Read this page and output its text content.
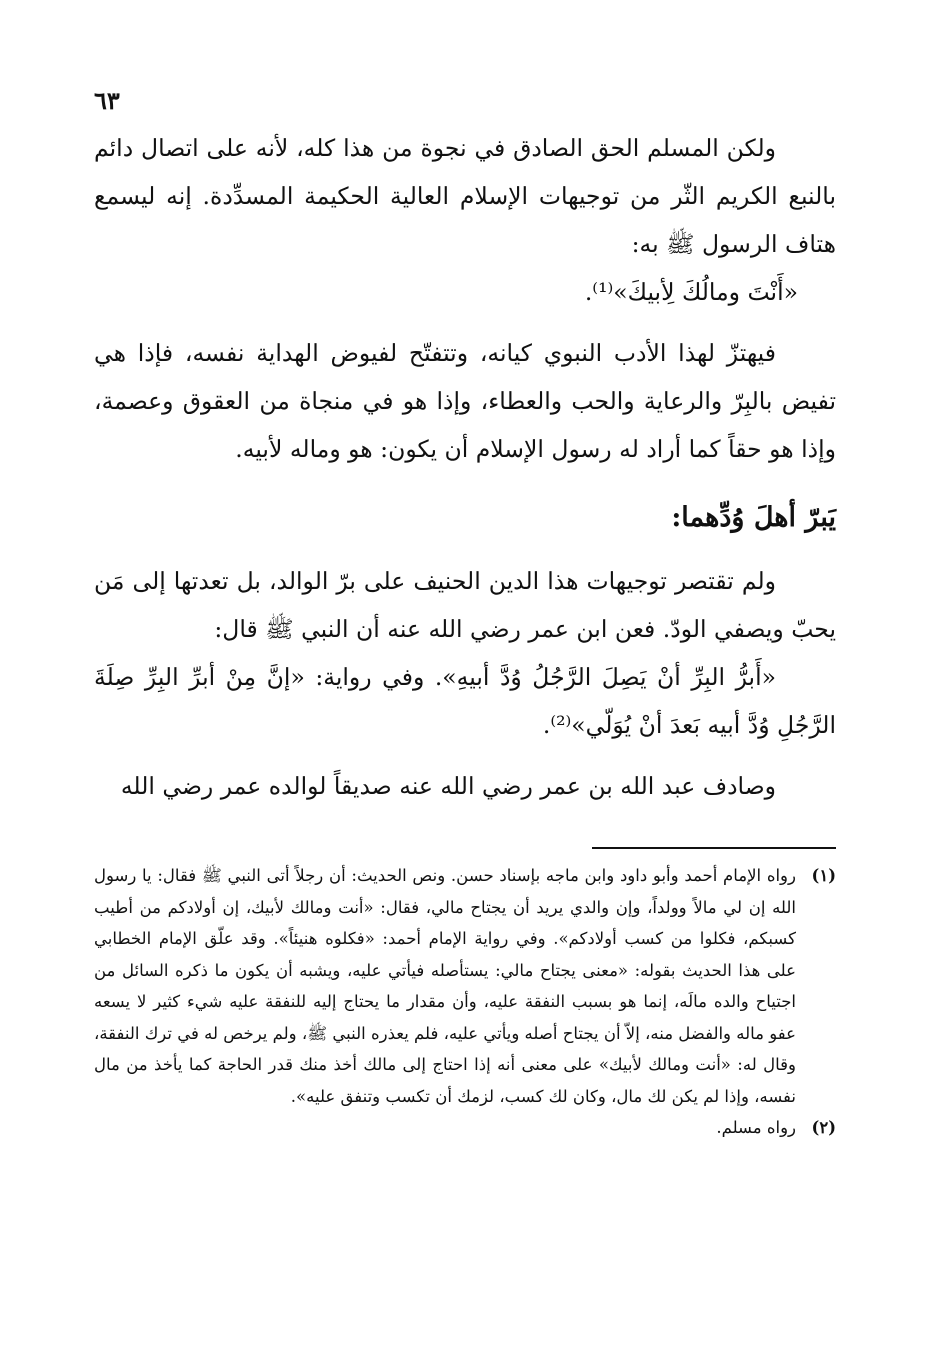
٦٣

ولكن المسلم الحق الصادق في نجوة من هذا كله، لأنه على اتصال دائم بالنبع الكريم الثّر من توجيهات الإسلام العالية الحكيمة المسدِّدة. إنه ليسمع هتاف الرسول ﷺ به:

«أَنْتَ ومالُكَ لِأبيكَ»⁽¹⁾.

فيهتزّ لهذا الأدب النبوي كيانه، وتتفتّح لفيوض الهداية نفسه، فإذا هي تفيض بالبِرّ والرعاية والحب والعطاء، وإذا هو في منجاة من العقوق وعصمة، وإذا هو حقاً كما أراد له رسول الإسلام أن يكون: هو وماله لأبيه.

يَبرّ أهلَ وُدِّهما:

ولم تقتصر توجيهات هذا الدين الحنيف على برّ الوالد، بل تعدتها إلى مَن يحبّ ويصفي الودّ. فعن ابن عمر رضي الله عنه أن النبي ﷺ قال:

«أَبرُّ البِرِّ أنْ يَصِلَ الرَّجُلُ وُدَّ أبيهِ». وفي رواية: «إنَّ مِنْ أبرِّ البِرِّ صِلَةَ الرَّجُلِ وُدَّ أبيه بَعدَ أنْ يُوَلّي»⁽²⁾.

وصادف عبد الله بن عمر رضي الله عنه صديقاً لوالده عمر رضي الله

(١)
رواه الإمام أحمد وأبو داود وابن ماجه بإسناد حسن. ونص الحديث: أن رجلاً أتى النبي ﷺ فقال: يا رسول الله إن لي مالاً وولداً، وإن والدي يريد أن يجتاح مالي، فقال: «أنت ومالك لأبيك، إن أولادكم من أطيب كسبكم، فكلوا من كسب أولادكم». وفي رواية الإمام أحمد: «فكلوه هنيئاً». وقد علّق الإمام الخطابي على هذا الحديث بقوله: «معنى يجتاح مالي: يستأصله فيأتي عليه، ويشبه أن يكون ما ذكره السائل من اجتياح والده مالَه، إنما هو بسبب النفقة عليه، وأن مقدار ما يحتاج إليه للنفقة عليه شيء كثير لا يسعه عفو ماله والفضل منه، إلاّ أن يجتاح أصله ويأتي عليه، فلم يعذره النبي ﷺ، ولم يرخص له في ترك النفقة، وقال له: «أنت ومالك لأبيك» على معنى أنه إذا احتاج إلى مالك أخذ منك قدر الحاجة كما يأخذ من مال نفسه، وإذا لم يكن لك مال، وكان لك كسب، لزمك أن تكسب وتنفق عليه».

(٢)
رواه مسلم.
